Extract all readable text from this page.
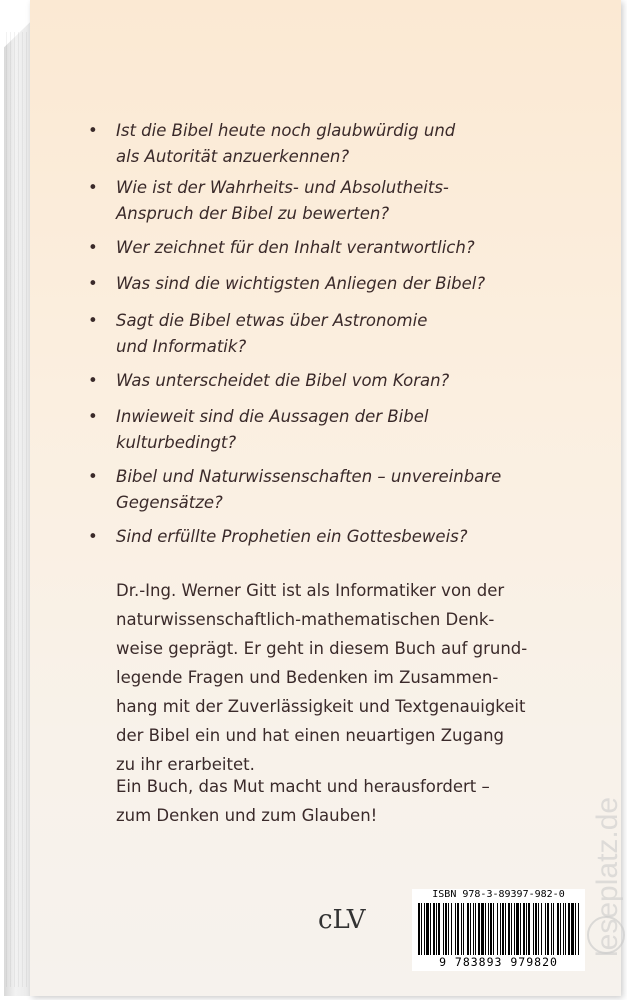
• Ist die Bibel heute noch glaubwürdig und
als Autorität anzuerkennen?
• Wie ist der Wahrheits- und Absolutheits-
Anspruch der Bibel zu bewerten?
• Wer zeichnet für den Inhalt verantwortlich?
• Was sind die wichtigsten Anliegen der Bibel?
• Sagt die Bibel etwas über Astronomie
und Informatik?
• Was unterscheidet die Bibel vom Koran?
• Inwieweit sind die Aussagen der Bibel
kulturbedingt?
• Bibel und Naturwissenschaften – unvereinbare
Gegensätze?
• Sind erfüllte Prophetien ein Gottesbeweis?
Dr.-Ing. Werner Gitt ist als Informatiker von der
naturwissenschaftlich-mathematischen Denk-
weise geprägt. Er geht in diesem Buch auf grund-
legende Fragen und Bedenken im Zusammen-
hang mit der Zuverlässigkeit und Textgenauigkeit
der Bibel ein und hat einen neuartigen Zugang
zu ihr erarbeitet.
Ein Buch, das Mut macht und herausfordert –
zum Denken und zum Glauben!
cLV
ISBN 978-3-89397-982-0
9 783893 979820
leseplatz.de
